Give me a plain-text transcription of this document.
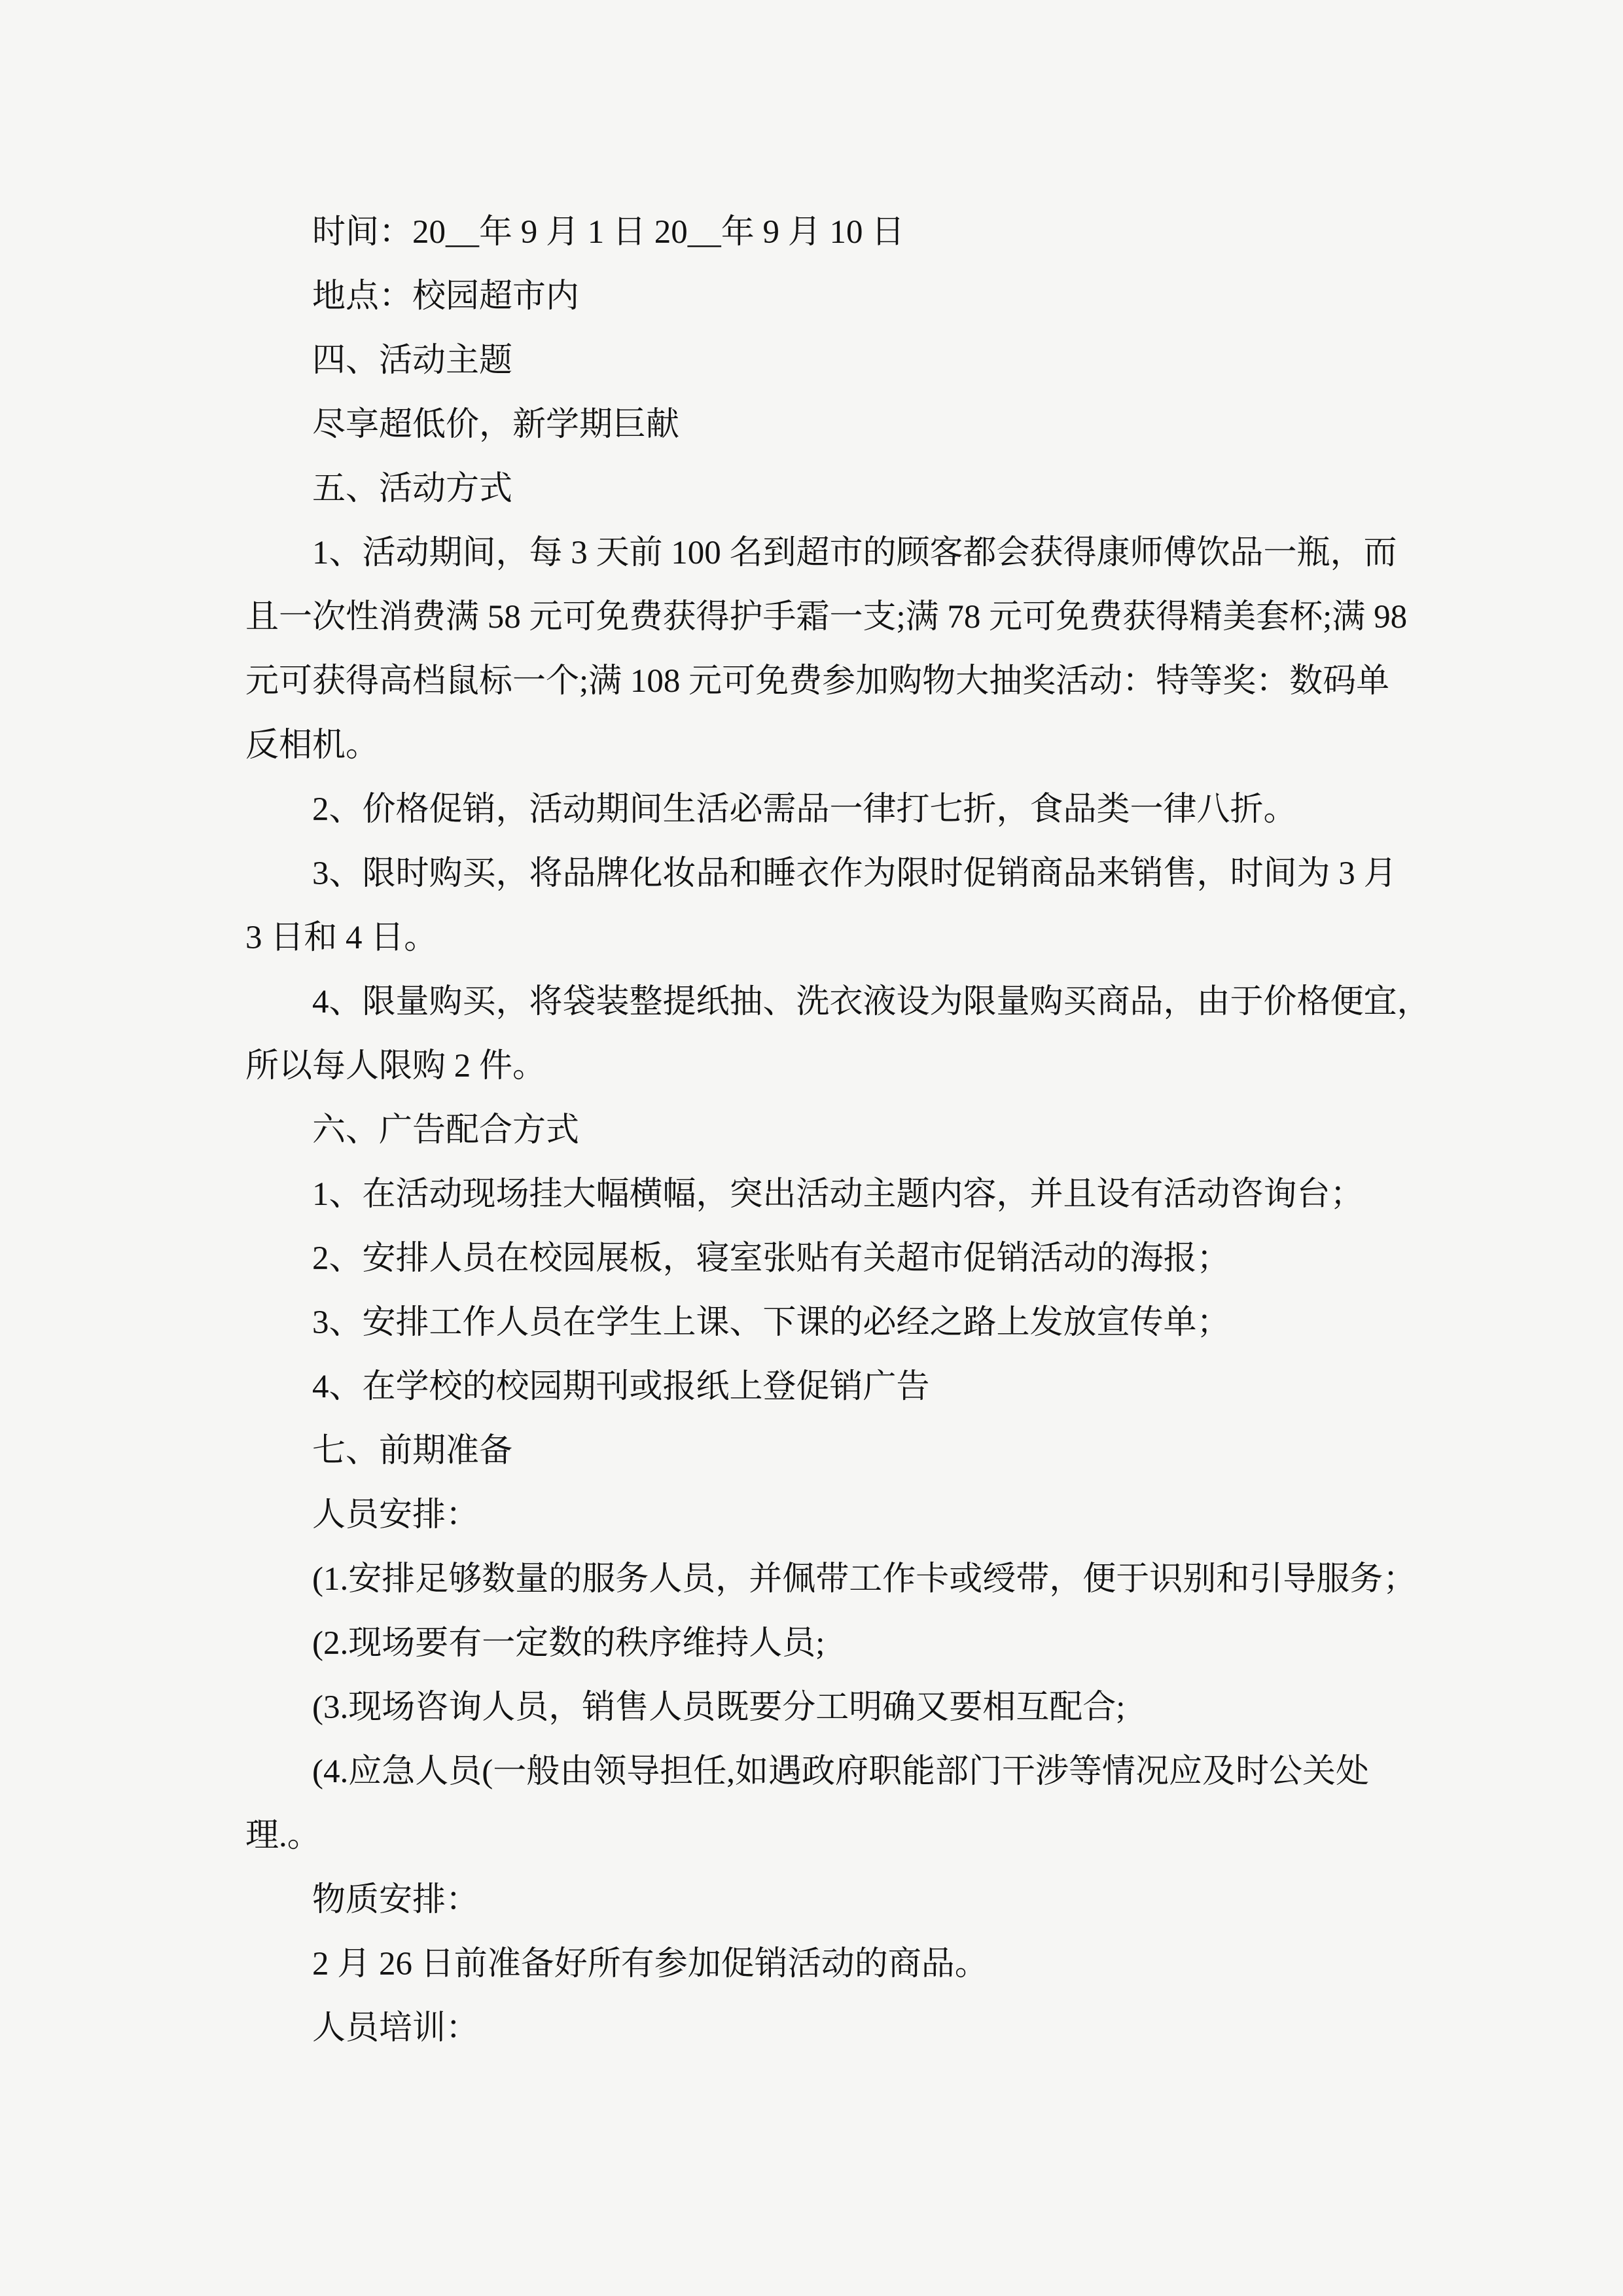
时间：20__年 9 月 1 日 20__年 9 月 10 日
地点：校园超市内
四、活动主题
尽享超低价，新学期巨献
五、活动方式
1、活动期间，每 3 天前 100 名到超市的顾客都会获得康师傅饮品一瓶，而
且一次性消费满 58 元可免费获得护手霜一支;满 78 元可免费获得精美套杯;满 98
元可获得高档鼠标一个;满 108 元可免费参加购物大抽奖活动：特等奖：数码单
反相机。
2、价格促销，活动期间生活必需品一律打七折，食品类一律八折。
3、限时购买，将品牌化妆品和睡衣作为限时促销商品来销售，时间为 3 月
3 日和 4 日。
4、限量购买，将袋装整提纸抽、洗衣液设为限量购买商品，由于价格便宜，
所以每人限购 2 件。
六、广告配合方式
1、在活动现场挂大幅横幅，突出活动主题内容，并且设有活动咨询台；
2、安排人员在校园展板，寝室张贴有关超市促销活动的海报；
3、安排工作人员在学生上课、下课的必经之路上发放宣传单；
4、在学校的校园期刊或报纸上登促销广告
七、前期准备
人员安排：
(1.安排足够数量的服务人员，并佩带工作卡或绶带，便于识别和引导服务；
(2.现场要有一定数的秩序维持人员;
(3.现场咨询人员，销售人员既要分工明确又要相互配合;
(4.应急人员(一般由领导担任,如遇政府职能部门干涉等情况应及时公关处
理.。
物质安排：
2 月 26 日前准备好所有参加促销活动的商品。
人员培训：
